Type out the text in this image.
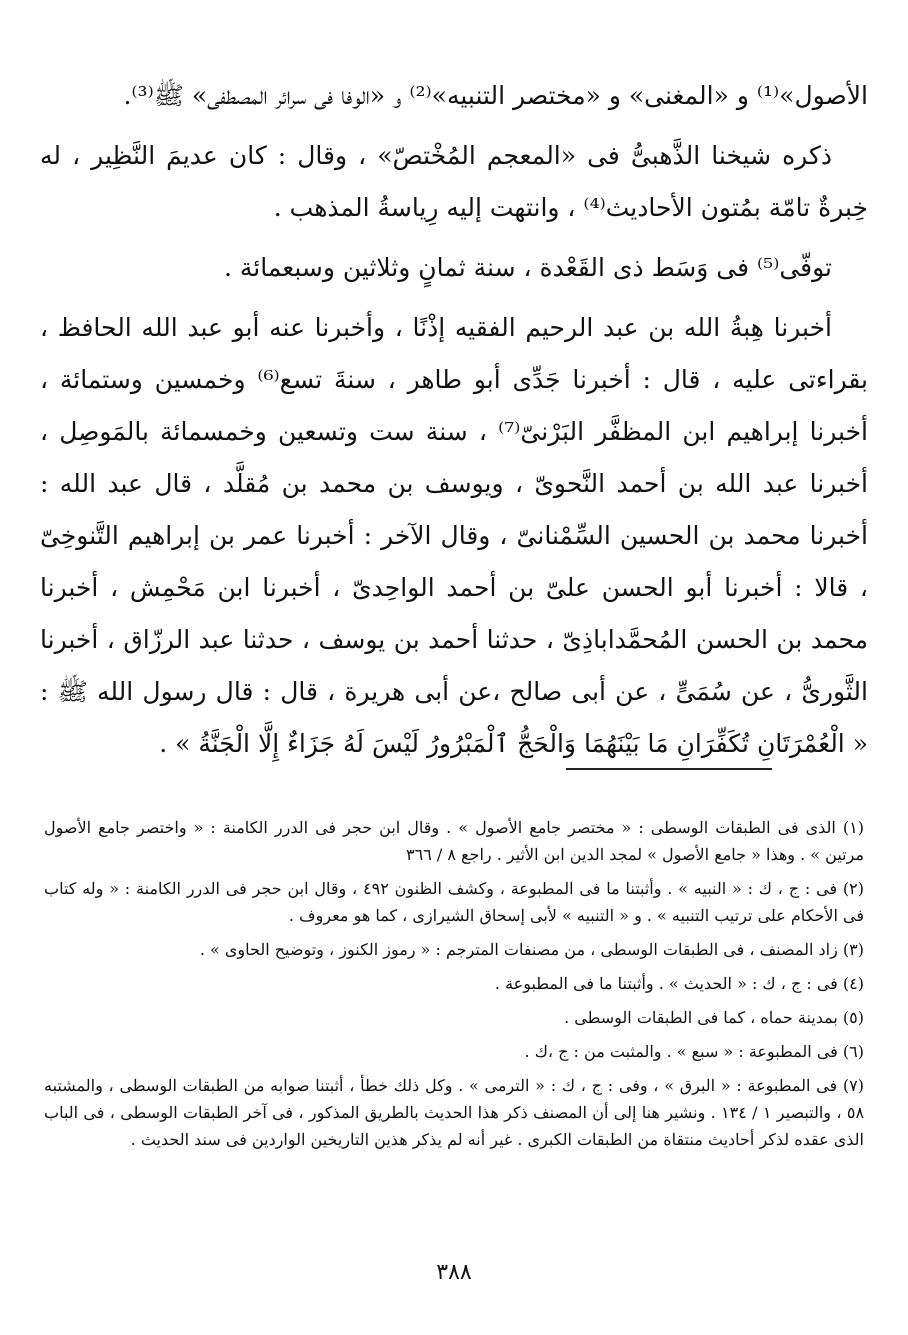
الأصول»⁽¹⁾ و «المغنى» و «مختصر التنبيه»⁽²⁾ و «الوفا فى سرائر المصطفى» ﷺ⁽³⁾.

ذكره شيخنا الذَّهبىُّ فى «المعجم المُخْتصّ» ، وقال : كان عديمَ النَّظِير ، له خِبرةٌ تامّة بمُتون الأحاديث⁽⁴⁾ ، وانتهت إليه رِياسةُ المذهب .

توفّى⁽⁵⁾ فى وَسَط ذى القَعْدة ، سنة ثمانٍ وثلاثين وسبعمائة .

أخبرنا هِبةُ الله بن عبد الرحيم الفقيه إذْنًا ، وأخبرنا عنه أبو عبد الله الحافظ ، بقراءتى عليه ، قال : أخبرنا جَدِّى أبو طاهر ، سنةَ تسع⁽⁶⁾ وخمسين وستمائة ، أخبرنا إبراهيم ابن المظفَّر البَرْنىّ⁽⁷⁾ ، سنة ست وتسعين وخمسمائة بالمَوصِل ، أخبرنا عبد الله بن أحمد النَّحوىّ ، ويوسف بن محمد بن مُقلَّد ، قال عبد الله : أخبرنا محمد بن الحسين السِّمْنانىّ ، وقال الآخر : أخبرنا عمر بن إبراهيم التَّنوخِىّ ، قالا : أخبرنا أبو الحسن علىّ بن أحمد الواحِدىّ ، أخبرنا ابن مَحْمِش ، أخبرنا محمد بن الحسن المُحمَّداباذِىّ ، حدثنا أحمد بن يوسف ، حدثنا عبد الرزّاق ، أخبرنا الثَّورىُّ ، عن سُمَىٍّ ، عن أبى صالح ،عن أبى هريرة ، قال : قال رسول الله ﷺ : « الْعُمْرَتَانِ تُكَفِّرَانِ مَا بَيْنَهُمَا وَالْحَجُّ ٱلْمَبْرُورُ لَيْسَ لَهُ جَزَاءٌ إِلَّا الْجَنَّةُ » .

(١) الذى فى الطبقات الوسطى : « مختصر جامع الأصول » . وقال ابن حجر فى الدرر الكامنة : « واختصر جامع الأصول مرتين » . وهذا « جامع الأصول » لمجد الدين ابن الأثير . راجع ٨ / ٣٦٦

(٢) فى : ج ، ك : « النبيه » . وأثبتنا ما فى المطبوعة ، وكشف الظنون ٤٩٢ ، وقال ابن حجر فى الدرر الكامنة : « وله كتاب فى الأحكام على ترتيب التنبيه » . و « التنبيه » لأبى إسحاق الشيرازى ، كما هو معروف .

(٣) زاد المصنف ، فى الطبقات الوسطى ، من مصنفات المترجم : « رموز الكنوز ، وتوضيح الحاوى » .

(٤) فى : ج ، ك : « الحديث » . وأثبتنا ما فى المطبوعة .

(٥) بمدينة حماه ، كما فى الطبقات الوسطى .

(٦) فى المطبوعة : « سبع » . والمثبت من : ج ،ك .

(٧) فى المطبوعة : « البرق » ، وفى : ج ، ك : « الترمى » . وكل ذلك خطأ ، أثبتنا صوابه من الطبقات الوسطى ، والمشتبه ٥٨ ، والتبصير ١ / ١٣٤ . ونشير هنا إلى أن المصنف ذكر هذا الحديث بالطريق المذكور ، فى آخر الطبقات الوسطى ، فى الباب الذى عقده لذكر أحاديث منتقاة من الطبقات الكبرى . غير أنه لم يذكر هذين التاريخين الواردين فى سند الحديث .

٣٨٨
